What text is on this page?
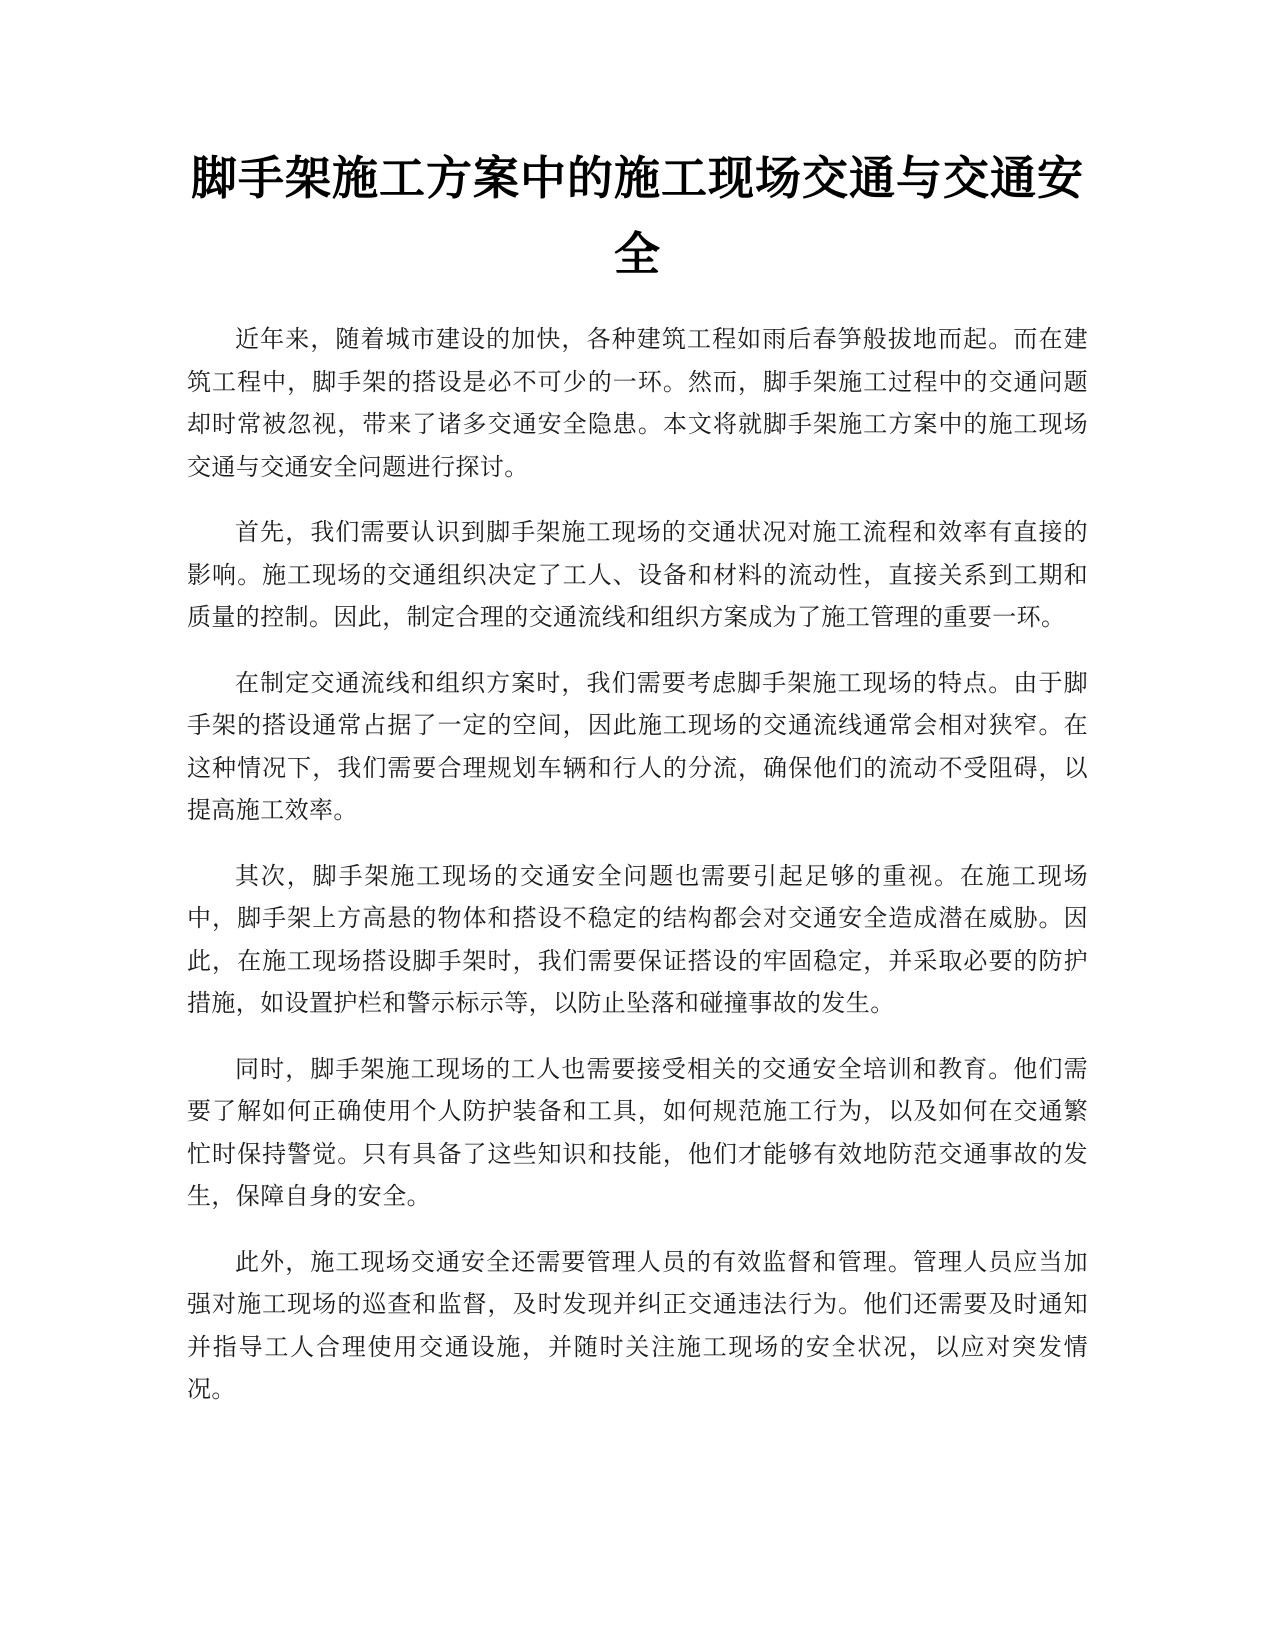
脚手架施工方案中的施工现场交通与交通安全

近年来，随着城市建设的加快，各种建筑工程如雨后春笋般拔地而起。而在建筑工程中，脚手架的搭设是必不可少的一环。然而，脚手架施工过程中的交通问题却时常被忽视，带来了诸多交通安全隐患。本文将就脚手架施工方案中的施工现场交通与交通安全问题进行探讨。

首先，我们需要认识到脚手架施工现场的交通状况对施工流程和效率有直接的影响。施工现场的交通组织决定了工人、设备和材料的流动性，直接关系到工期和质量的控制。因此，制定合理的交通流线和组织方案成为了施工管理的重要一环。

在制定交通流线和组织方案时，我们需要考虑脚手架施工现场的特点。由于脚手架的搭设通常占据了一定的空间，因此施工现场的交通流线通常会相对狭窄。在这种情况下，我们需要合理规划车辆和行人的分流，确保他们的流动不受阻碍，以提高施工效率。

其次，脚手架施工现场的交通安全问题也需要引起足够的重视。在施工现场中，脚手架上方高悬的物体和搭设不稳定的结构都会对交通安全造成潜在威胁。因此，在施工现场搭设脚手架时，我们需要保证搭设的牢固稳定，并采取必要的防护措施，如设置护栏和警示标示等，以防止坠落和碰撞事故的发生。

同时，脚手架施工现场的工人也需要接受相关的交通安全培训和教育。他们需要了解如何正确使用个人防护装备和工具，如何规范施工行为，以及如何在交通繁忙时保持警觉。只有具备了这些知识和技能，他们才能够有效地防范交通事故的发生，保障自身的安全。

此外，施工现场交通安全还需要管理人员的有效监督和管理。管理人员应当加强对施工现场的巡查和监督，及时发现并纠正交通违法行为。他们还需要及时通知并指导工人合理使用交通设施，并随时关注施工现场的安全状况，以应对突发情况。
